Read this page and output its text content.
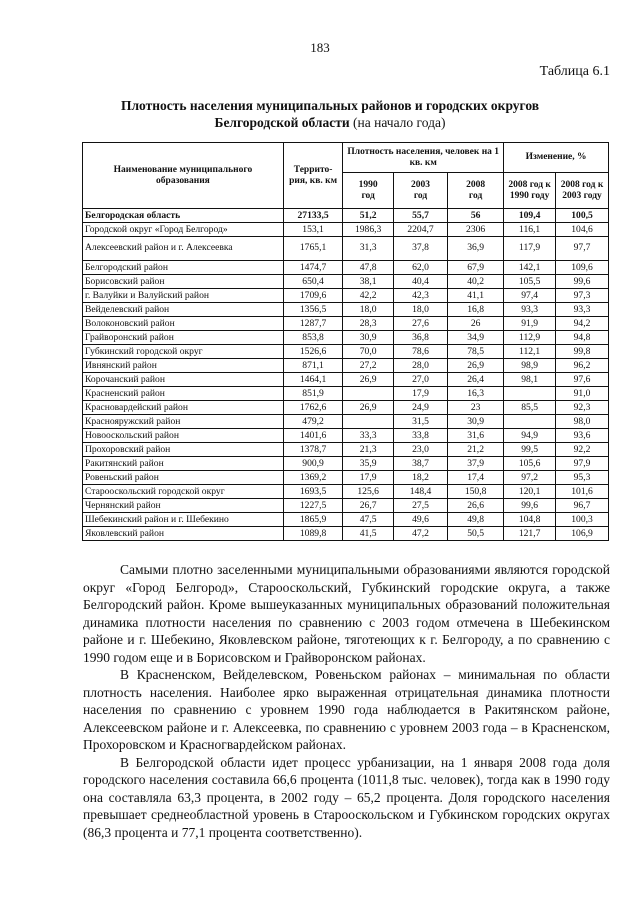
183
Таблица 6.1
Плотность населения муниципальных районов и городских округов Белгородской области (на начало года)
Наименование муниципального образования	Террито-рия, кв. км	Плотность населения, человек на 1 кв. км			Изменение, %	
		1990 год	2003 год	2008 год	2008 год к 1990 году	2008 год к 2003 году
Белгородская область	27133,5	51,2	55,7	56	109,4	100,5
Городской округ «Город Белгород»	153,1	1986,3	2204,7	2306	116,1	104,6
Алексеевский район и г. Алексеевка	1765,1	31,3	37,8	36,9	117,9	97,7
Белгородский район	1474,7	47,8	62,0	67,9	142,1	109,6
Борисовский район	650,4	38,1	40,4	40,2	105,5	99,6
г. Валуйки и Валуйский район	1709,6	42,2	42,3	41,1	97,4	97,3
Вейделевский район	1356,5	18,0	18,0	16,8	93,3	93,3
Волоконовский район	1287,7	28,3	27,6	26	91,9	94,2
Грайворонский район	853,8	30,9	36,8	34,9	112,9	94,8
Губкинский городской округ	1526,6	70,0	78,6	78,5	112,1	99,8
Ивнянский район	871,1	27,2	28,0	26,9	98,9	96,2
Корочанский район	1464,1	26,9	27,0	26,4	98,1	97,6
Красненский район	851,9		17,9	16,3		91,0
Красновардейский район	1762,6	26,9	24,9	23	85,5	92,3
Краснояружский район	479,2		31,5	30,9		98,0
Новооскольский район	1401,6	33,3	33,8	31,6	94,9	93,6
Прохоровский район	1378,7	21,3	23,0	21,2	99,5	92,2
Ракитянский район	900,9	35,9	38,7	37,9	105,6	97,9
Ровеньский район	1369,2	17,9	18,2	17,4	97,2	95,3
Старооскольский городской округ	1693,5	125,6	148,4	150,8	120,1	101,6
Чернянский район	1227,5	26,7	27,5	26,6	99,6	96,7
Шебекинский район и г. Шебекино	1865,9	47,5	49,6	49,8	104,8	100,3
Яковлевский район	1089,8	41,5	47,2	50,5	121,7	106,9

Самыми плотно заселенными муниципальными образованиями являются городской округ «Город Белгород», Старооскольский, Губкинский городские округа, а также Белгородский район. Кроме вышеуказанных муниципальных образований положительная динамика плотности населения по сравнению с 2003 годом отмечена в Шебекинском районе и г. Шебекино, Яковлевском районе, тяготеющих к г. Белгороду, а по сравнению с 1990 годом еще и в Борисовском и Грайворонском районах.

В Красненском, Вейделевском, Ровеньском районах – минимальная по области плотность населения. Наиболее ярко выраженная отрицательная динамика плотности населения по сравнению с уровнем 1990 года наблюдается в Ракитянском районе, Алексеевском районе и г. Алексеевка, по сравнению с уровнем 2003 года – в Красненском, Прохоровском и Красногвардейском районах.

В Белгородской области идет процесс урбанизации, на 1 января 2008 года доля городского населения составила 66,6 процента (1011,8 тыс. человек), тогда как в 1990 году она составляла 63,3 процента, в 2002 году – 65,2 процента. Доля городского населения превышает среднеобластной уровень в Старооскольском и Губкинском городских округах (86,3 процента и 77,1 процента соответственно).
